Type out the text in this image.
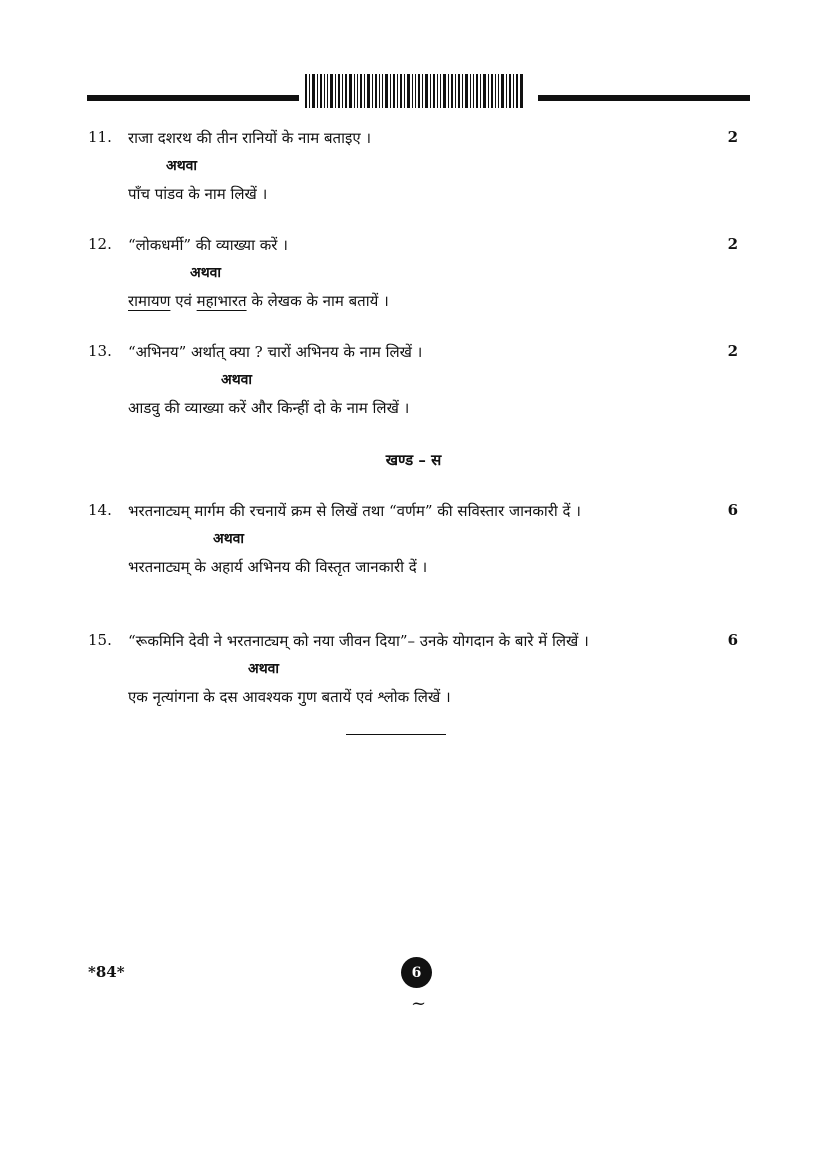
11. राजा दशरथ की तीन रानियों के नाम बताइए ।	2
अथवा
पाँच पांडव के नाम लिखें ।
12. “लोकधर्मी” की व्याख्या करें ।	2
अथवा
रामायण एवं महाभारत के लेखक के नाम बतायें ।
13. “अभिनय” अर्थात् क्या ? चारों अभिनय के नाम लिखें ।	2
अथवा
आडवु की व्याख्या करें और किन्हीं दो के नाम लिखें ।
खण्ड – स
14. भरतनाट्यम् मार्गम की रचनायें क्रम से लिखें तथा “वर्णम” की सविस्तार जानकारी दें ।	6
अथवा
भरतनाट्यम् के अहार्य अभिनय की विस्तृत जानकारी दें ।
15. “रूकमिनि देवी ने भरतनाट्यम् को नया जीवन दिया”– उनके योगदान के बारे में लिखें ।	6
अथवा
एक नृत्यांगना के दस आवश्यक गुण बतायें एवं श्लोक लिखें ।
*84*	6
~
